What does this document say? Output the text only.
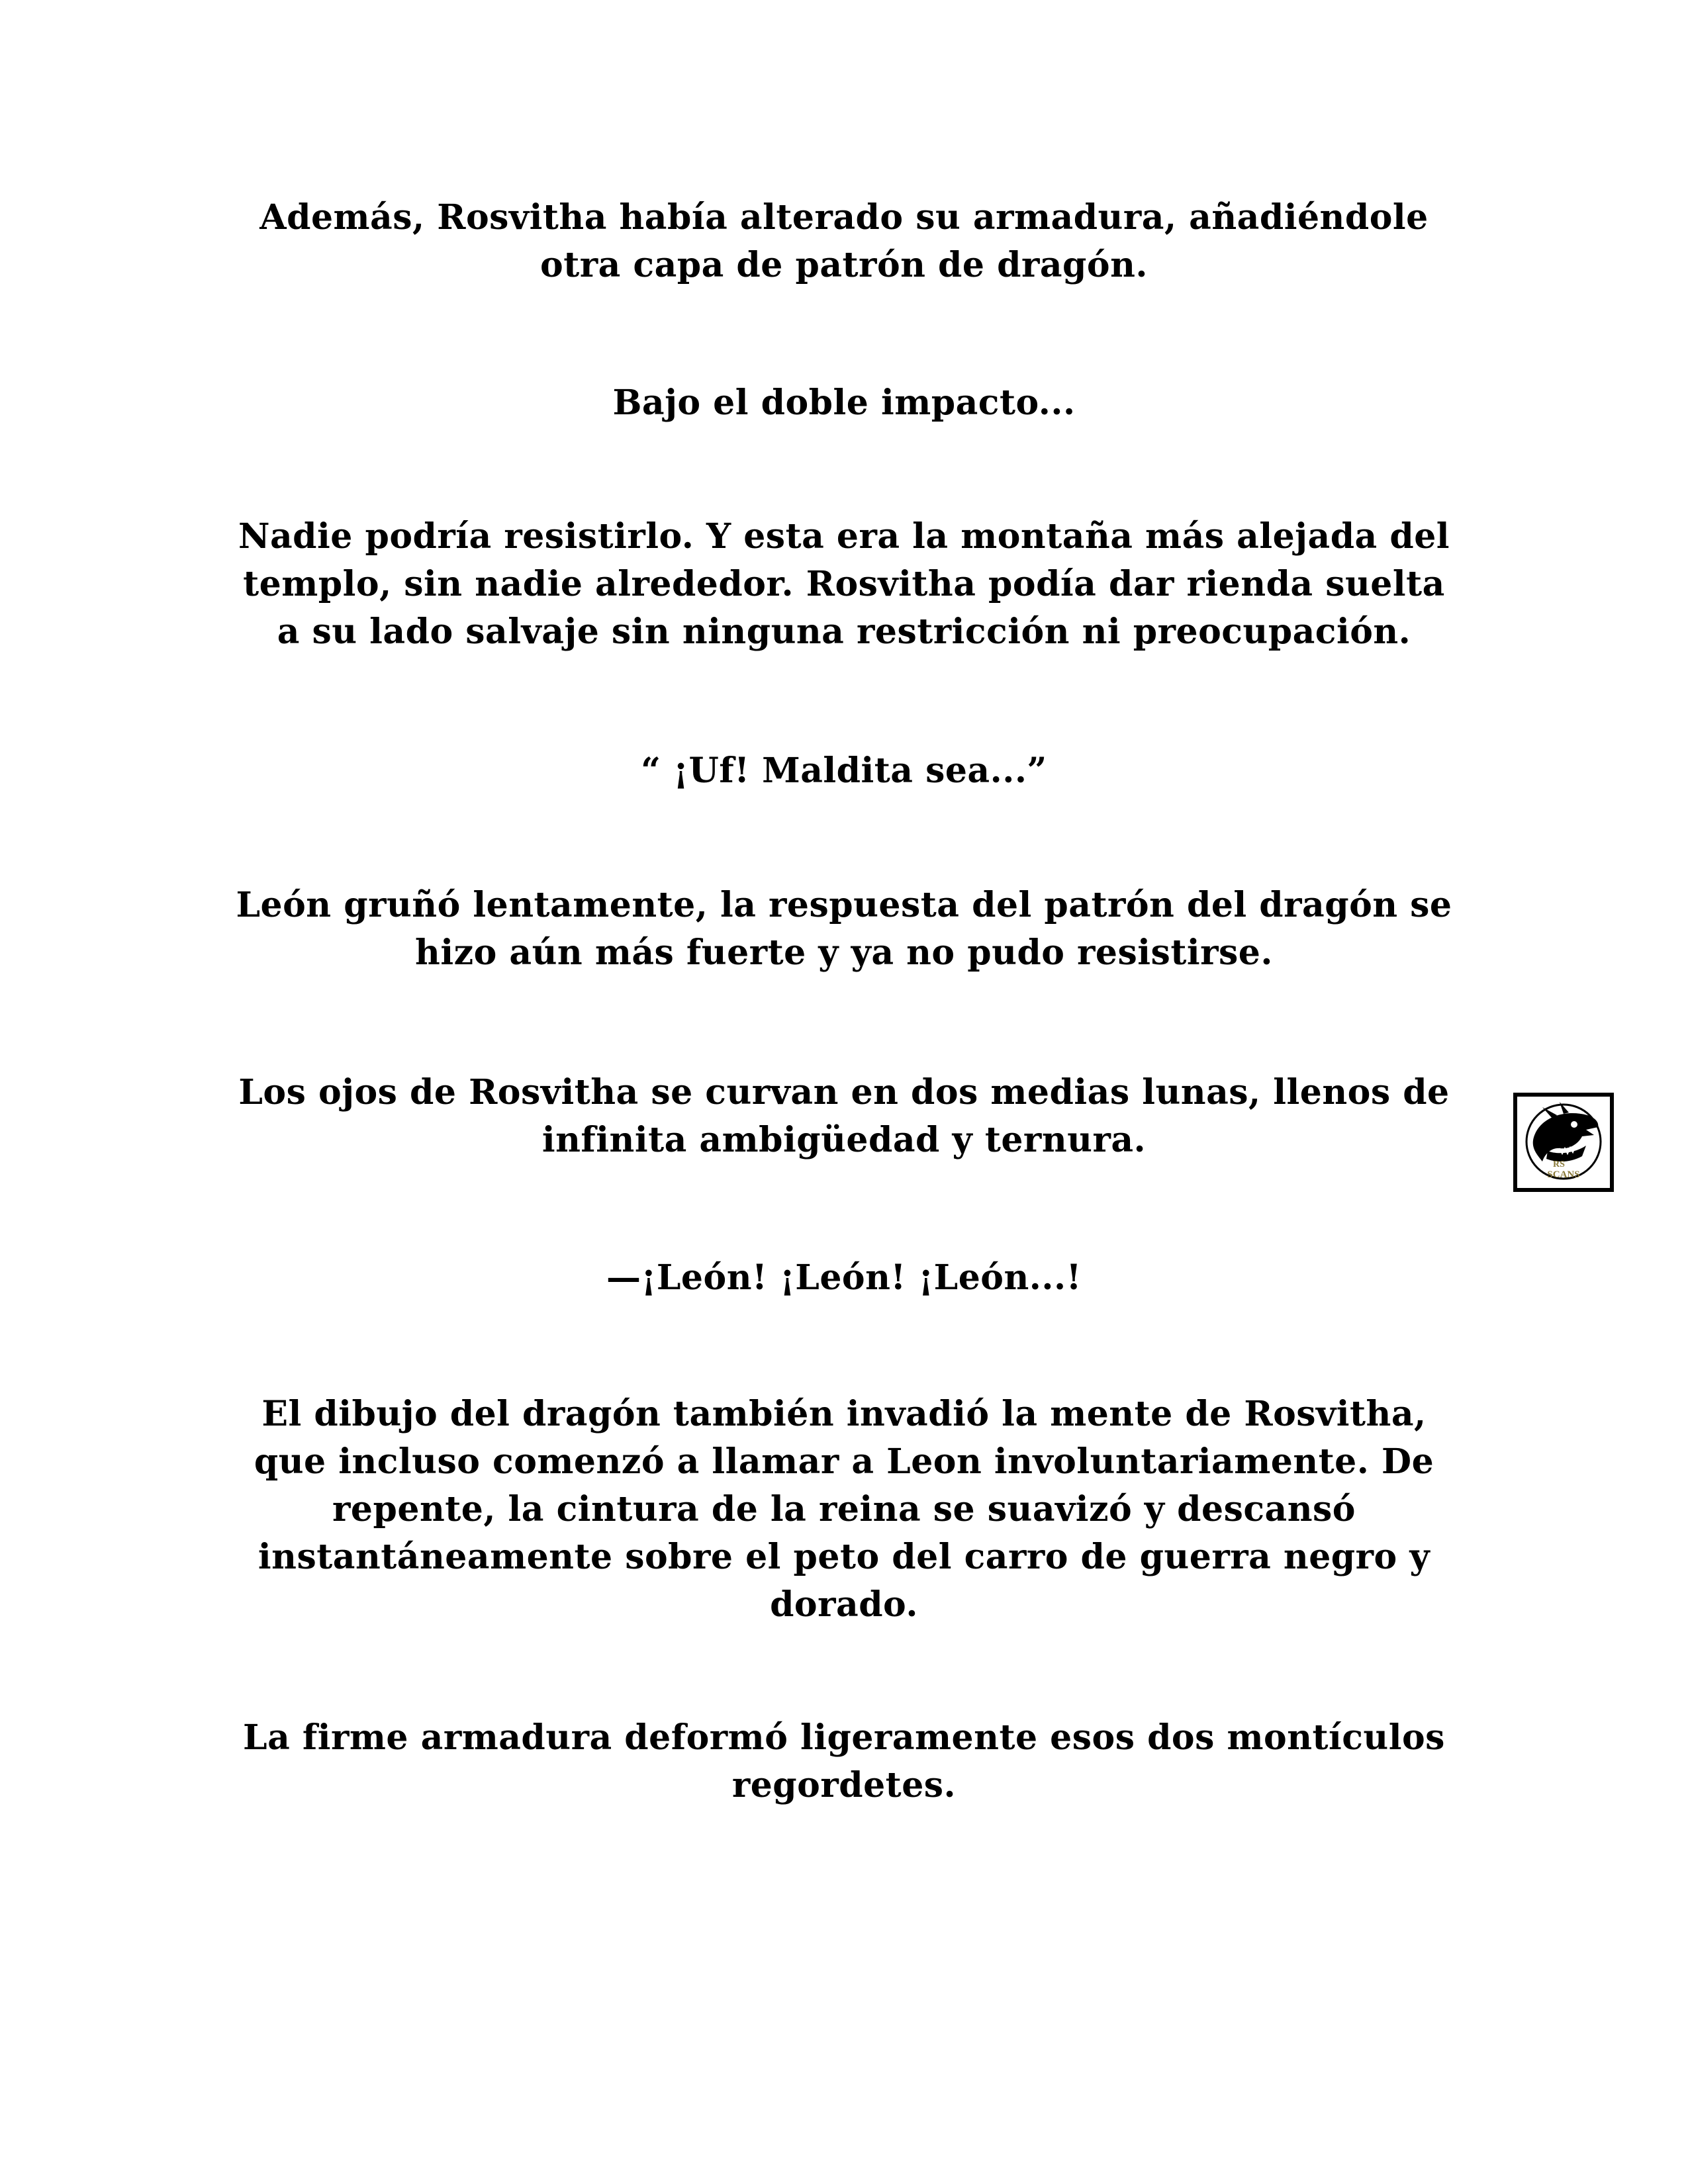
Además, Rosvitha había alterado su armadura, añadiéndole
otra capa de patrón de dragón.

Bajo el doble impacto...

Nadie podría resistirlo. Y esta era la montaña más alejada del
templo, sin nadie alrededor. Rosvitha podía dar rienda suelta
a su lado salvaje sin ninguna restricción ni preocupación.

“ ¡Uf! Maldita sea...”

León gruñó lentamente, la respuesta del patrón del dragón se
hizo aún más fuerte y ya no pudo resistirse.

Los ojos de Rosvitha se curvan en dos medias lunas, llenos de
infinita ambigüedad y ternura.

—¡León! ¡León! ¡León...!

El dibujo del dragón también invadió la mente de Rosvitha,
que incluso comenzó a llamar a Leon involuntariamente. De
repente, la cintura de la reina se suavizó y descansó
instantáneamente sobre el peto del carro de guerra negro y
dorado.

La firme armadura deformó ligeramente esos dos montículos
regordetes.

RS
SCANS
